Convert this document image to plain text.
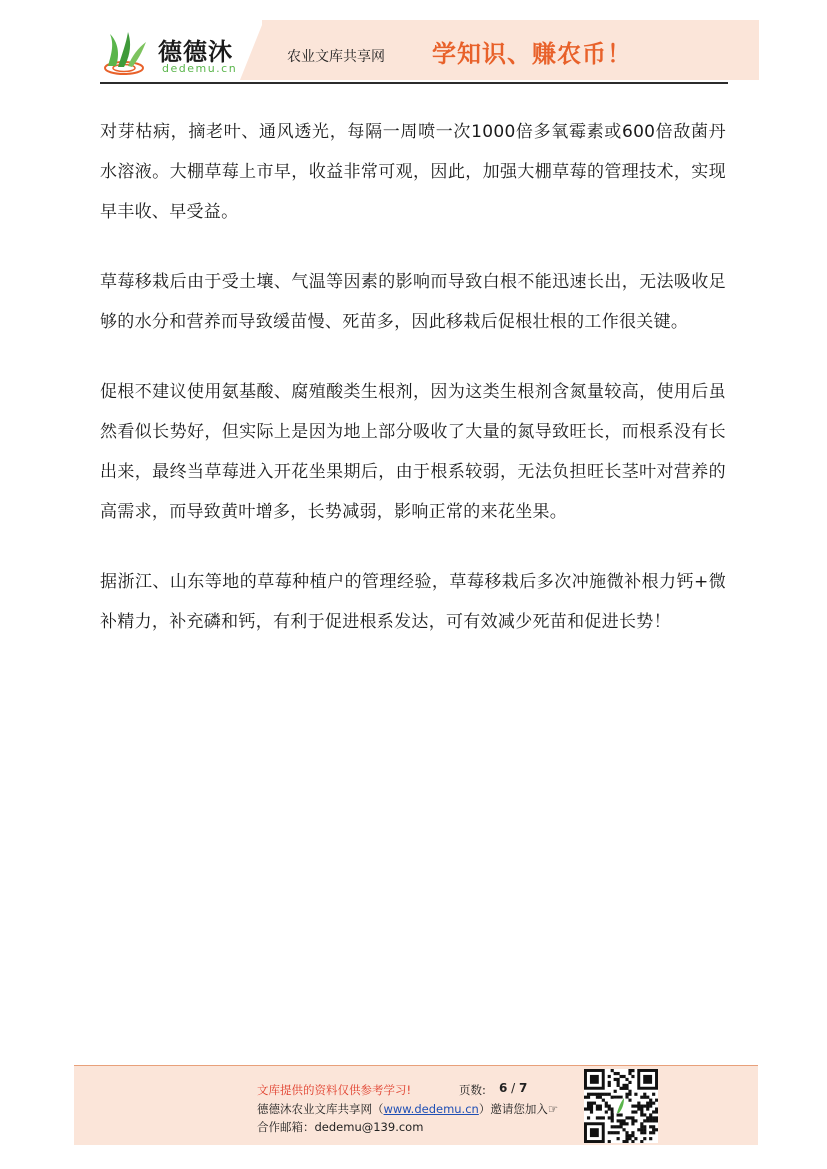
德德沐
dedemu.cn
农业文库共享网 学知识、赚农币！

对芽枯病，摘老叶、通风透光，每隔一周喷一次1000倍多氧霉素或600倍敌菌丹水溶液。大棚草莓上市早，收益非常可观，因此，加强大棚草莓的管理技术，实现早丰收、早受益。

草莓移栽后由于受土壤、气温等因素的影响而导致白根不能迅速长出，无法吸收足够的水分和营养而导致缓苗慢、死苗多，因此移栽后促根壮根的工作很关键。

促根不建议使用氨基酸、腐殖酸类生根剂，因为这类生根剂含氮量较高，使用后虽然看似长势好，但实际上是因为地上部分吸收了大量的氮导致旺长，而根系没有长出来，最终当草莓进入开花坐果期后，由于根系较弱，无法负担旺长茎叶对营养的高需求，而导致黄叶增多，长势减弱，影响正常的来花坐果。

据浙江、山东等地的草莓种植户的管理经验，草莓移栽后多次冲施微补根力钙+微补精力，补充磷和钙，有利于促进根系发达，可有效减少死苗和促进长势！

文库提供的资料仅供参考学习!	页数: 6 / 7
德德沐农业文库共享网（www.dedemu.cn）邀请您加入☞
合作邮箱：dedemu@139.com
